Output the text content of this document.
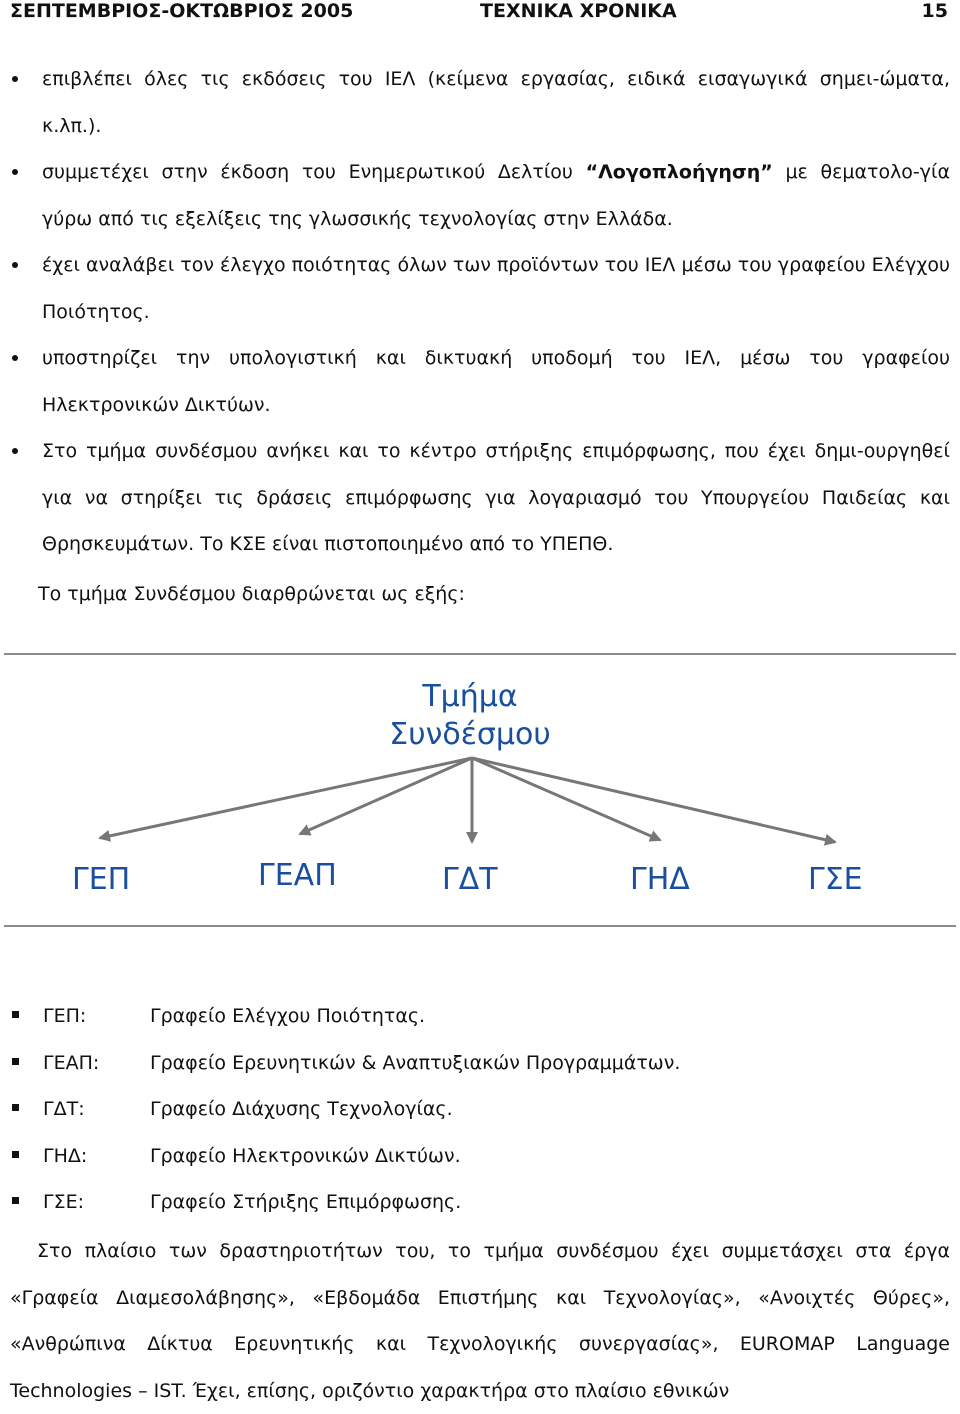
ΣΕΠΤΕΜΒΡΙΟΣ-ΟΚΤΩΒΡΙΟΣ 2005	ΤΕΧΝΙΚΑ ΧΡΟΝΙΚΑ	15
επιβλέπει όλες τις εκδόσεις του ΙΕΛ (κείμενα εργασίας, ειδικά εισαγωγικά σημει-ώματα, κ.λπ.).
συμμετέχει στην έκδοση του Ενημερωτικού Δελτίου “Λογοπλοήγηση” με θεματολο-γία γύρω από τις εξελίξεις της γλωσσικής τεχνολογίας στην Ελλάδα.
έχει αναλάβει τον έλεγχο ποιότητας όλων των προϊόντων του ΙΕΛ μέσω του γραφείου Ελέγχου Ποιότητος.
υποστηρίζει την υπολογιστική και δικτυακή υποδομή του ΙΕΛ, μέσω του γραφείου Ηλεκτρονικών Δικτύων.
Στο τμήμα συνδέσμου ανήκει και το κέντρο στήριξης επιμόρφωσης, που έχει δημι-ουργηθεί για να στηρίξει τις δράσεις επιμόρφωσης για λογαριασμό του Υπουργείου Παιδείας και Θρησκευμάτων. Το ΚΣΕ είναι πιστοποιημένο από το ΥΠΕΠΘ.
Το τμήμα Συνδέσμου διαρθρώνεται ως εξής:
Τμήμα
Συνδέσμου
ΓΕΠ	ΓΕΑΠ	ΓΔΤ	ΓΗΔ	ΓΣΕ
ΓΕΠ:	Γραφείο Ελέγχου Ποιότητας.
ΓΕΑΠ:	Γραφείο Ερευνητικών & Αναπτυξιακών Προγραμμάτων.
ΓΔΤ:	Γραφείο Διάχυσης Τεχνολογίας.
ΓΗΔ:	Γραφείο Ηλεκτρονικών Δικτύων.
ΓΣΕ:	Γραφείο Στήριξης Επιμόρφωσης.

Στο πλαίσιο των δραστηριοτήτων του, το τμήμα συνδέσμου έχει συμμετάσχει στα έργα «Γραφεία Διαμεσολάβησης», «Εβδομάδα Επιστήμης και Τεχνολογίας», «Ανοιχτές Θύρες», «Ανθρώπινα Δίκτυα Ερευνητικής και Τεχνολογικής συνεργασίας», EUROMAP Language Technologies – IST. Έχει, επίσης, οριζόντιο χαρακτήρα στο πλαίσιο εθνικών
